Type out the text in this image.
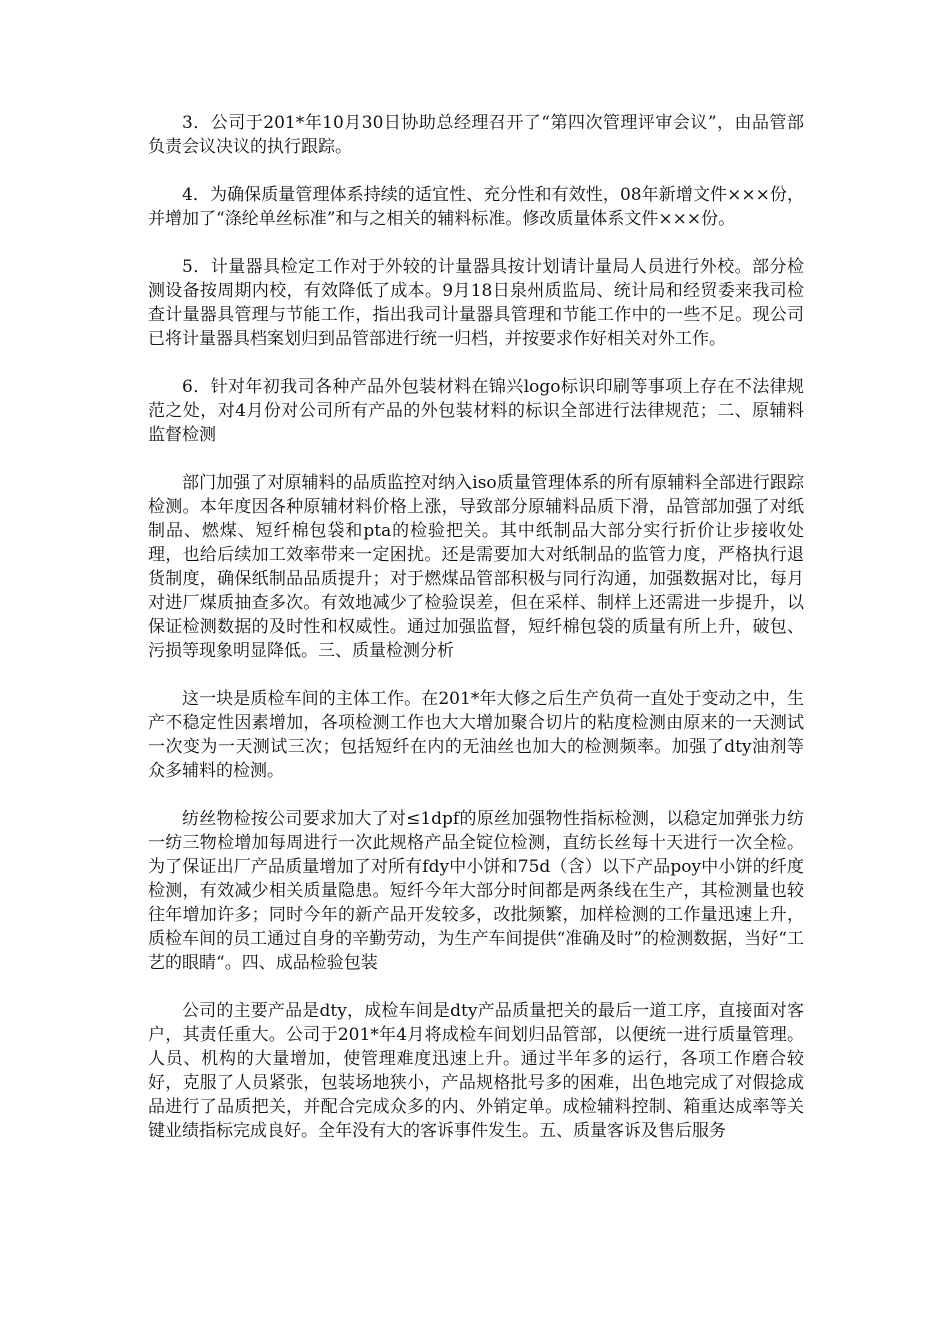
3．公司于201*年10月30日协助总经理召开了“第四次管理评审会议”，由品管部负责会议决议的执行跟踪。

4．为确保质量管理体系持续的适宜性、充分性和有效性，08年新增文件×××份，并增加了“涤纶单丝标准”和与之相关的辅料标准。修改质量体系文件×××份。

5．计量器具检定工作对于外较的计量器具按计划请计量局人员进行外校。部分检测设备按周期内校，有效降低了成本。9月18日泉州质监局、统计局和经贸委来我司检查计量器具管理与节能工作，指出我司计量器具管理和节能工作中的一些不足。现公司已将计量器具档案划归到品管部进行统一归档，并按要求作好相关对外工作。

6．针对年初我司各种产品外包装材料在锦兴logo标识印刷等事项上存在不法律规范之处，对4月份对公司所有产品的外包装材料的标识全部进行法律规范；二、原辅料监督检测

部门加强了对原辅料的品质监控对纳入iso质量管理体系的所有原辅料全部进行跟踪检测。本年度因各种原辅材料价格上涨，导致部分原辅料品质下滑，品管部加强了对纸制品、燃煤、短纤棉包袋和pta的检验把关。其中纸制品大部分实行折价让步接收处理，也给后续加工效率带来一定困扰。还是需要加大对纸制品的监管力度，严格执行退货制度，确保纸制品品质提升；对于燃煤品管部积极与同行沟通，加强数据对比，每月对进厂煤质抽查多次。有效地减少了检验误差，但在采样、制样上还需进一步提升，以保证检测数据的及时性和权威性。通过加强监督，短纤棉包袋的质量有所上升，破包、污损等现象明显降低。三、质量检测分析

这一块是质检车间的主体工作。在201*年大修之后生产负荷一直处于变动之中，生产不稳定性因素增加，各项检测工作也大大增加聚合切片的粘度检测由原来的一天测试一次变为一天测试三次；包括短纤在内的无油丝也加大的检测频率。加强了dty油剂等众多辅料的检测。

纺丝物检按公司要求加大了对≤1dpf的原丝加强物性指标检测，以稳定加弹张力纺一纺三物检增加每周进行一次此规格产品全锭位检测，直纺长丝每十天进行一次全检。为了保证出厂产品质量增加了对所有fdy中小饼和75d（含）以下产品poy中小饼的纤度检测，有效减少相关质量隐患。短纤今年大部分时间都是两条线在生产，其检测量也较往年增加许多；同时今年的新产品开发较多，改批频繁，加样检测的工作量迅速上升，质检车间的员工通过自身的辛勤劳动，为生产车间提供“准确及时”的检测数据，当好“工艺的眼睛“。四、成品检验包装

公司的主要产品是dty，成检车间是dty产品质量把关的最后一道工序，直接面对客户，其责任重大。公司于201*年4月将成检车间划归品管部，以便统一进行质量管理。人员、机构的大量增加，使管理难度迅速上升。通过半年多的运行，各项工作磨合较好，克服了人员紧张，包装场地狭小，产品规格批号多的困难，出色地完成了对假捻成品进行了品质把关，并配合完成众多的内、外销定单。成检辅料控制、箱重达成率等关键业绩指标完成良好。全年没有大的客诉事件发生。五、质量客诉及售后服务
